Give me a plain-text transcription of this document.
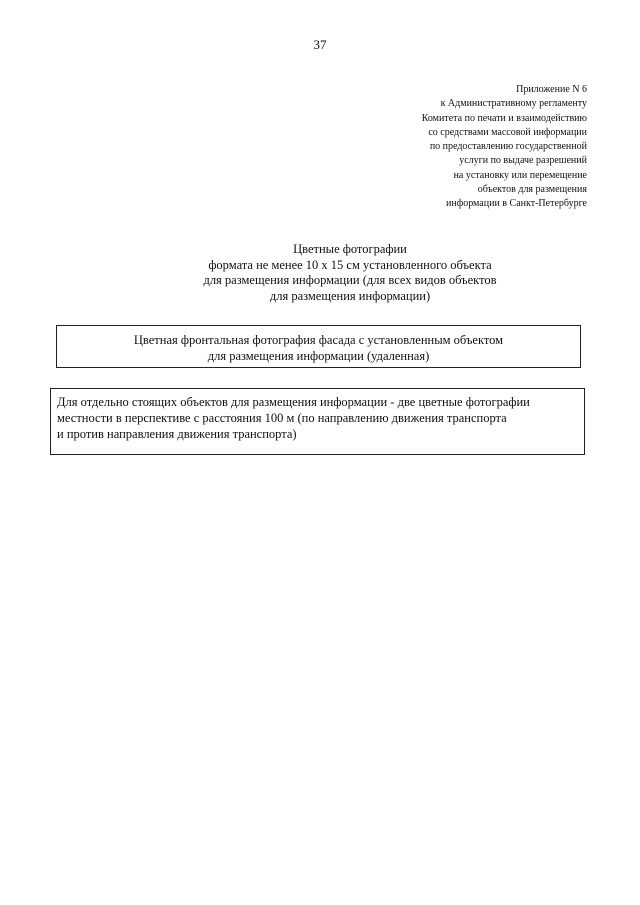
37
Приложение N 6
к Административному регламенту
Комитета по печати и взаимодействию
со средствами массовой информации
по предоставлению государственной
услуги по выдаче разрешений
на установку или перемещение
объектов для размещения
информации в Санкт-Петербурге
Цветные фотографии
формата не менее 10 х 15 см установленного объекта
для размещения информации (для всех видов объектов
для размещения информации)
Цветная фронтальная фотография фасада с установленным объектом
для размещения информации (удаленная)
Для отдельно стоящих объектов для размещения информации - две цветные фотографии
местности в перспективе с расстояния 100 м (по направлению движения транспорта
и против направления движения транспорта)
